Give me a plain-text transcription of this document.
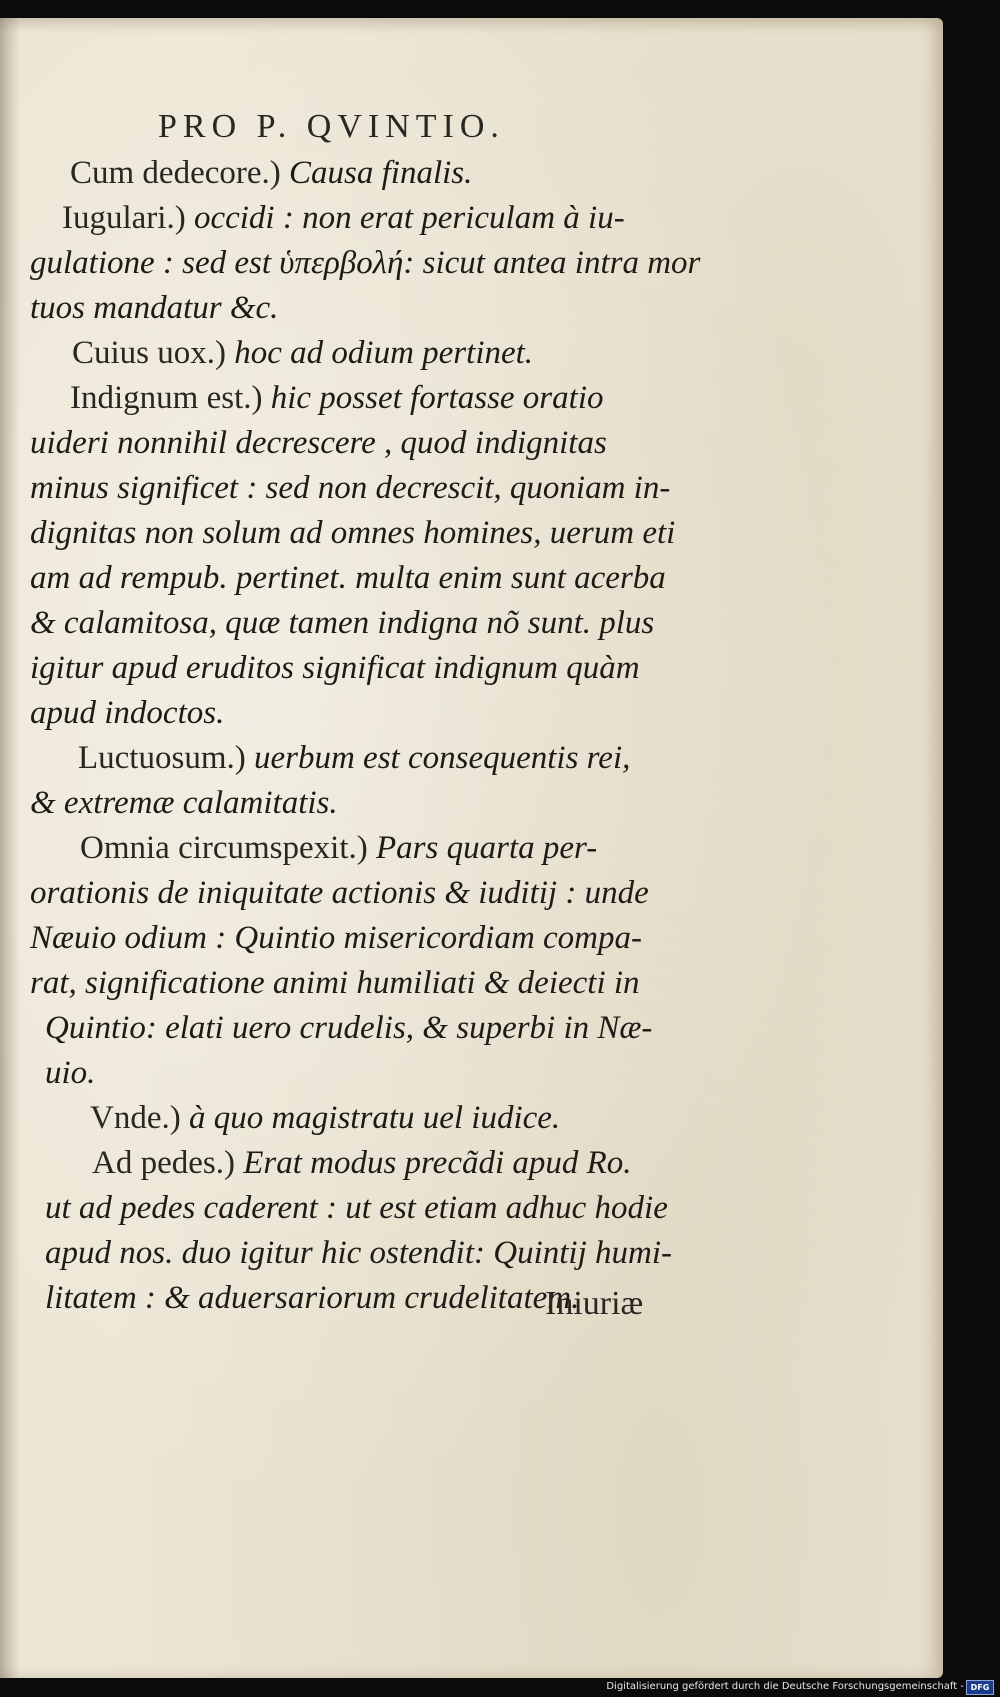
PRO P. QVINTIO.
Cum dedecore.) Causa finalis.
Iugulari.) occidi : non erat periculam à iu-
gulatione : sed est ὑπερβολή: sicut antea intra mor
tuos mandatur &c.
Cuius uox.) hoc ad odium pertinet.
Indignum est.) hic posset fortasse oratio
uideri nonnihil decrescere , quod indignitas
minus significet : sed non decrescit, quoniam in-
dignitas non solum ad omnes homines, uerum eti
am ad rempub. pertinet. multa enim sunt acerba
& calamitosa, quæ tamen indigna nõ sunt. plus
igitur apud eruditos significat indignum quàm
apud indoctos.
Luctuosum.) uerbum est consequentis rei,
& extremæ calamitatis.
Omnia circumspexit.) Pars quarta per-
orationis de iniquitate actionis & iuditij : unde
Næuio odium : Quintio misericordiam compa-
rat, significatione animi humiliati & deiecti in
Quintio: elati uero crudelis, & superbi in Næ-
uio.
Vnde.) à quo magistratu uel iudice.
Ad pedes.) Erat modus precãdi apud Ro.
ut ad pedes caderent : ut est etiam adhuc hodie
apud nos. duo igitur hic ostendit: Quintij humi-
litatem : & aduersariorum crudelitatem.
Iniuriæ
Digitalisierung gefördert durch die Deutsche Forschungsgemeinschaft - DFG
